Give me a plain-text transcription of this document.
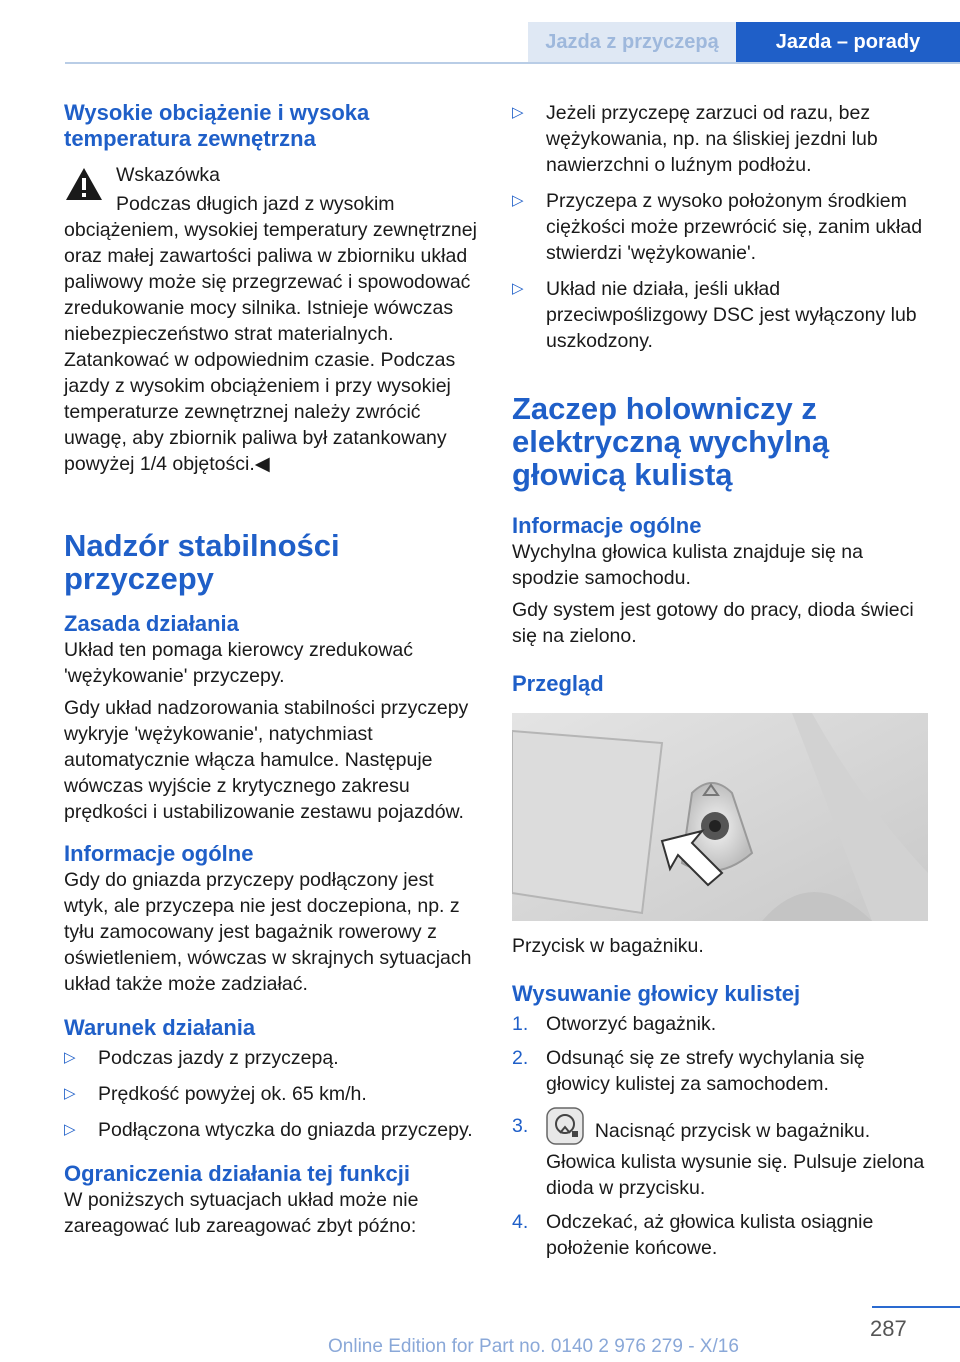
Jazda z przyczepą	Jazda – porady
Wysokie obciążenie i wysoka temperatura zewnętrzna

Wskazówka

Podczas długich jazd z wysokim obciążeniem, wysokiej temperatury zewnętrznej oraz małej zawartości paliwa w zbiorniku układ paliwowy może się przegrzewać i spowodować zredukowanie mocy silnika. Istnieje wówczas niebezpieczeństwo strat materialnych. Zatankować w odpowiednim czasie. Podczas jazdy z wysokim obciążeniem i przy wysokiej temperaturze zewnętrznej należy zwrócić uwagę, aby zbiornik paliwa był zatankowany powyżej 1/4 objętości.◀

Nadzór stabilności przyczepy
Zasada działania

Układ ten pomaga kierowcy zredukować 'wężykowanie' przyczepy.

Gdy układ nadzorowania stabilności przyczepy wykryje 'wężykowanie', natychmiast automatycznie włącza hamulce. Następuje wówczas wyjście z krytycznego zakresu prędkości i ustabilizowanie zestawu pojazdów.

Informacje ogólne

Gdy do gniazda przyczepy podłączony jest wtyk, ale przyczepa nie jest doczepiona, np. z tyłu zamocowany jest bagażnik rowerowy z oświetleniem, wówczas w skrajnych sytuacjach układ także może zadziałać.

Warunek działania
▷ Podczas jazdy z przyczepą.
▷ Prędkość powyżej ok. 65 km/h.
▷ Podłączona wtyczka do gniazda przyczepy.
Ograniczenia działania tej funkcji

W poniższych sytuacjach układ może nie zareagować lub zareagować zbyt późno:

▷ Jeżeli przyczepę zarzuci od razu, bez wężykowania, np. na śliskiej jezdni lub nawierzchni o luźnym podłożu.
▷ Przyczepa z wysoko położonym środkiem ciężkości może przewrócić się, zanim układ stwierdzi 'wężykowanie'.
▷ Układ nie działa, jeśli układ przeciwpoślizgowy DSC jest wyłączony lub uszkodzony.
Zaczep holowniczy z elektryczną wychylną głowicą kulistą
Informacje ogólne

Wychylna głowica kulista znajduje się na spodzie samochodu.

Gdy system jest gotowy do pracy, dioda świeci się na zielono.

Przegląd

Przycisk w bagażniku.

Wysuwanie głowicy kulistej
1. Otworzyć bagażnik.
2. Odsunąć się ze strefy wychylania się głowicy kulistej za samochodem.
3.	Nacisnąć przycisk w bagażniku.

Głowica kulista wysunie się. Pulsuje zielona dioda w przycisku.

4. Odczekać, aż głowica kulista osiągnie położenie końcowe.
287
Online Edition for Part no. 0140 2 976 279 - X/16
